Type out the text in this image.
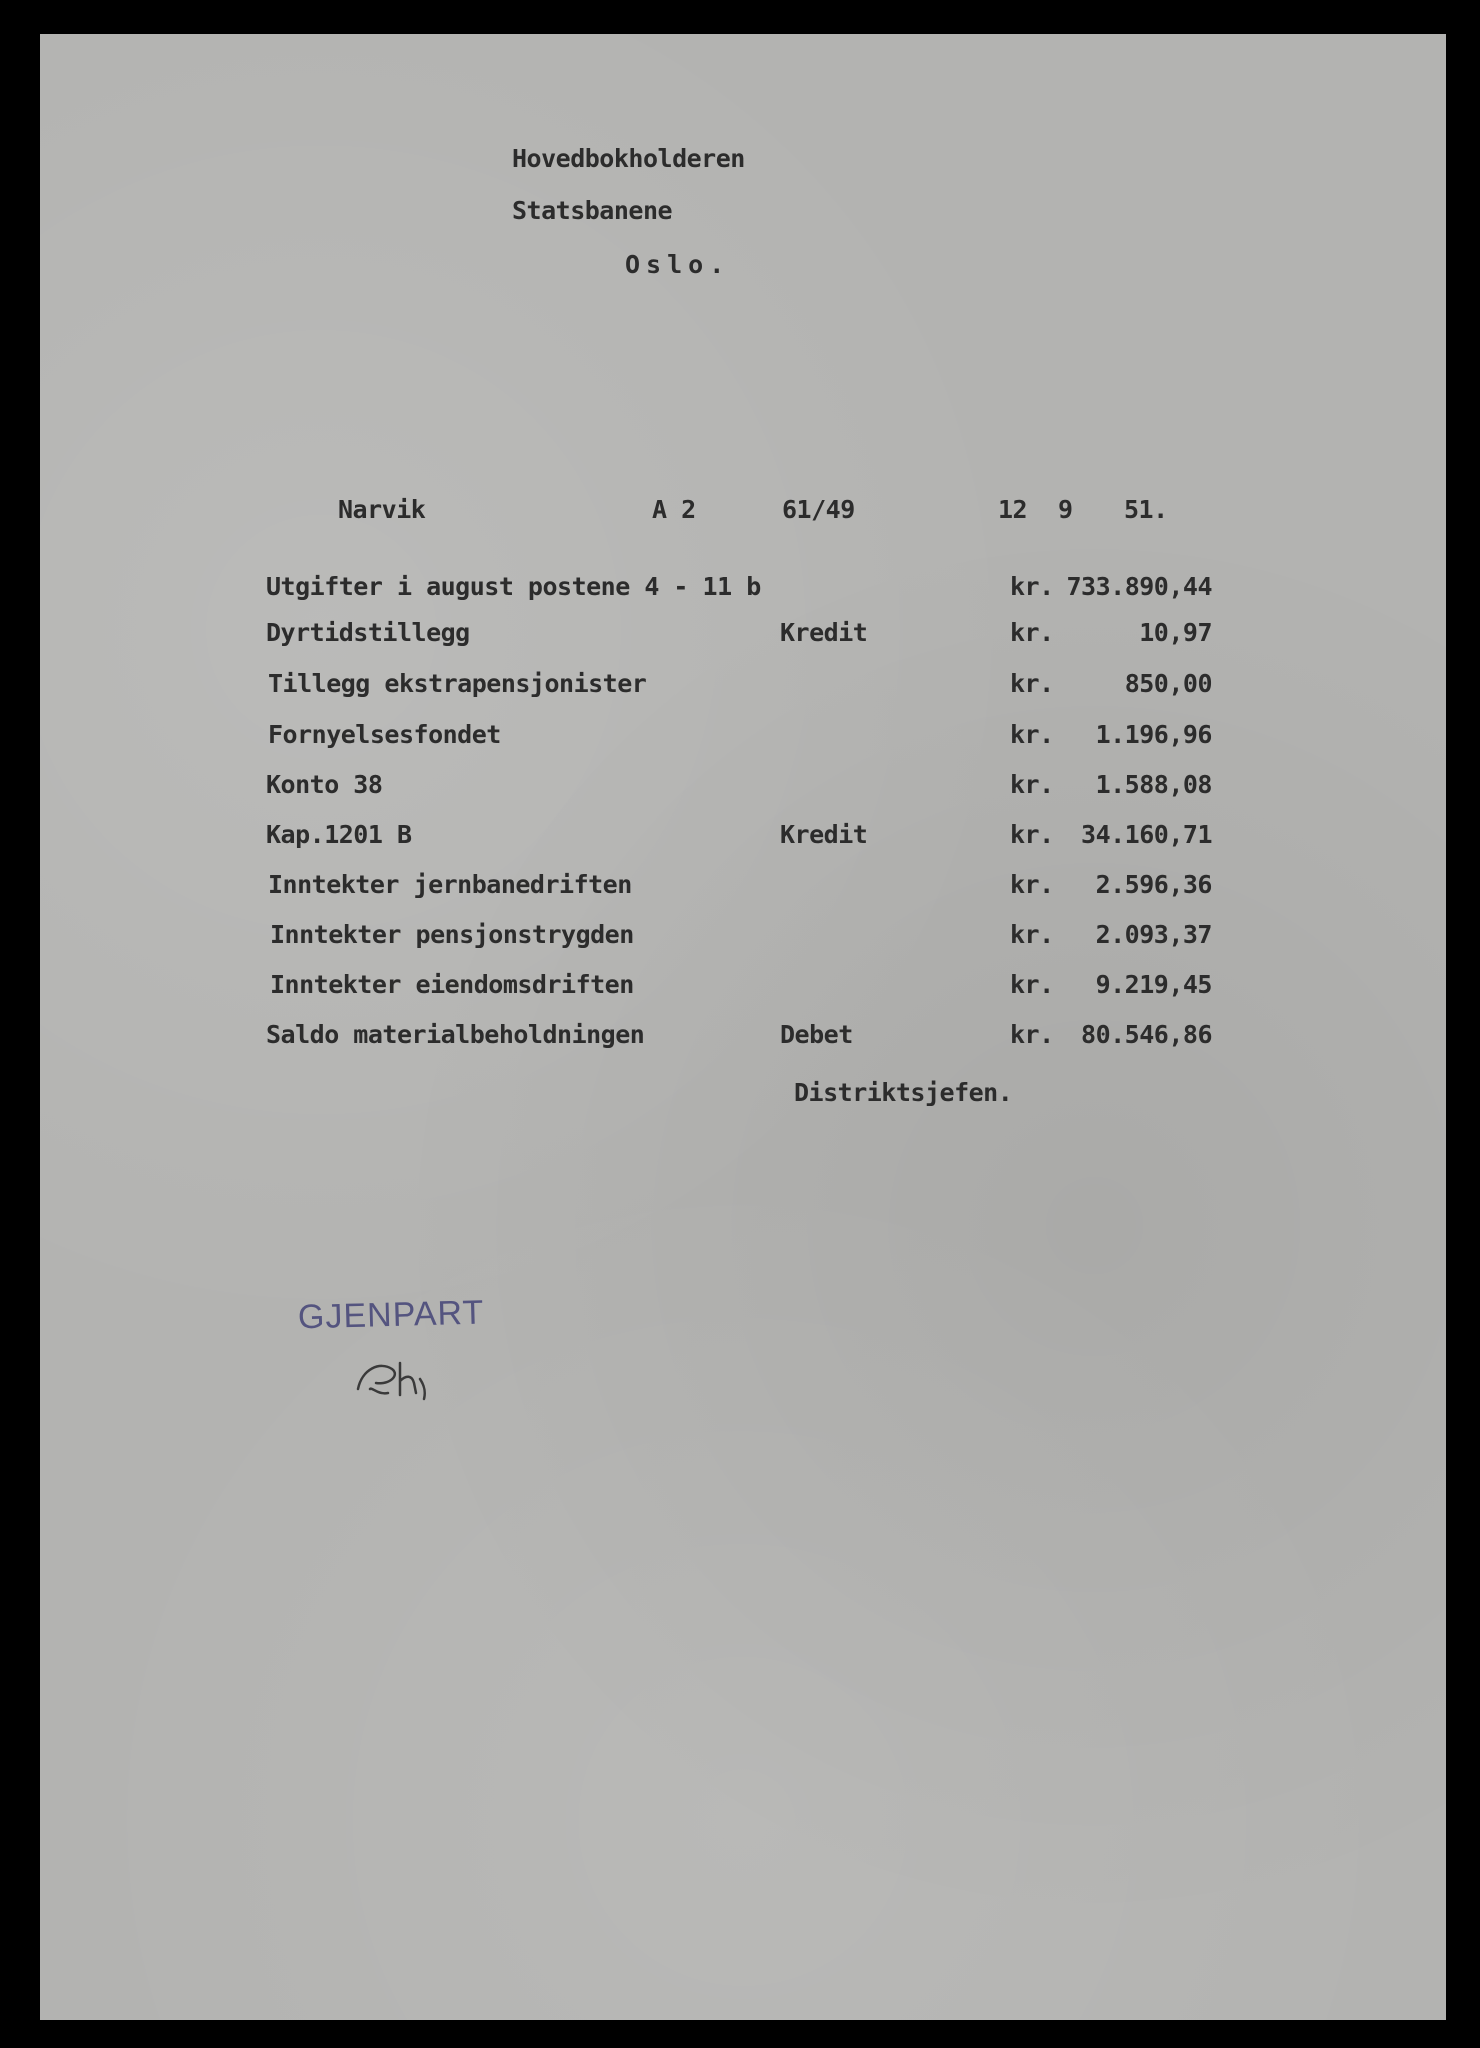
Hovedbokholderen
Statsbanene
Oslo.
Narvik	A 2	61/49	12 9 51.
Utgifter i august postene 4 - 11 b	kr. 733.890,44
Dyrtidstillegg	Kredit	kr.	10,97
Tillegg ekstrapensjonister	kr.	850,00
Fornyelsesfondet	kr.	1.196,96
Konto 38	kr.	1.588,08
Kap.1201 B	Kredit	kr.	34.160,71
Inntekter jernbanedriften	kr.	2.596,36
Inntekter pensjonstrygden	kr.	2.093,37
Inntekter eiendomsdriften	kr.	9.219,45
Saldo materialbeholdningen	Debet	kr.	80.546,86
Distriktsjefen.
GJENPART
